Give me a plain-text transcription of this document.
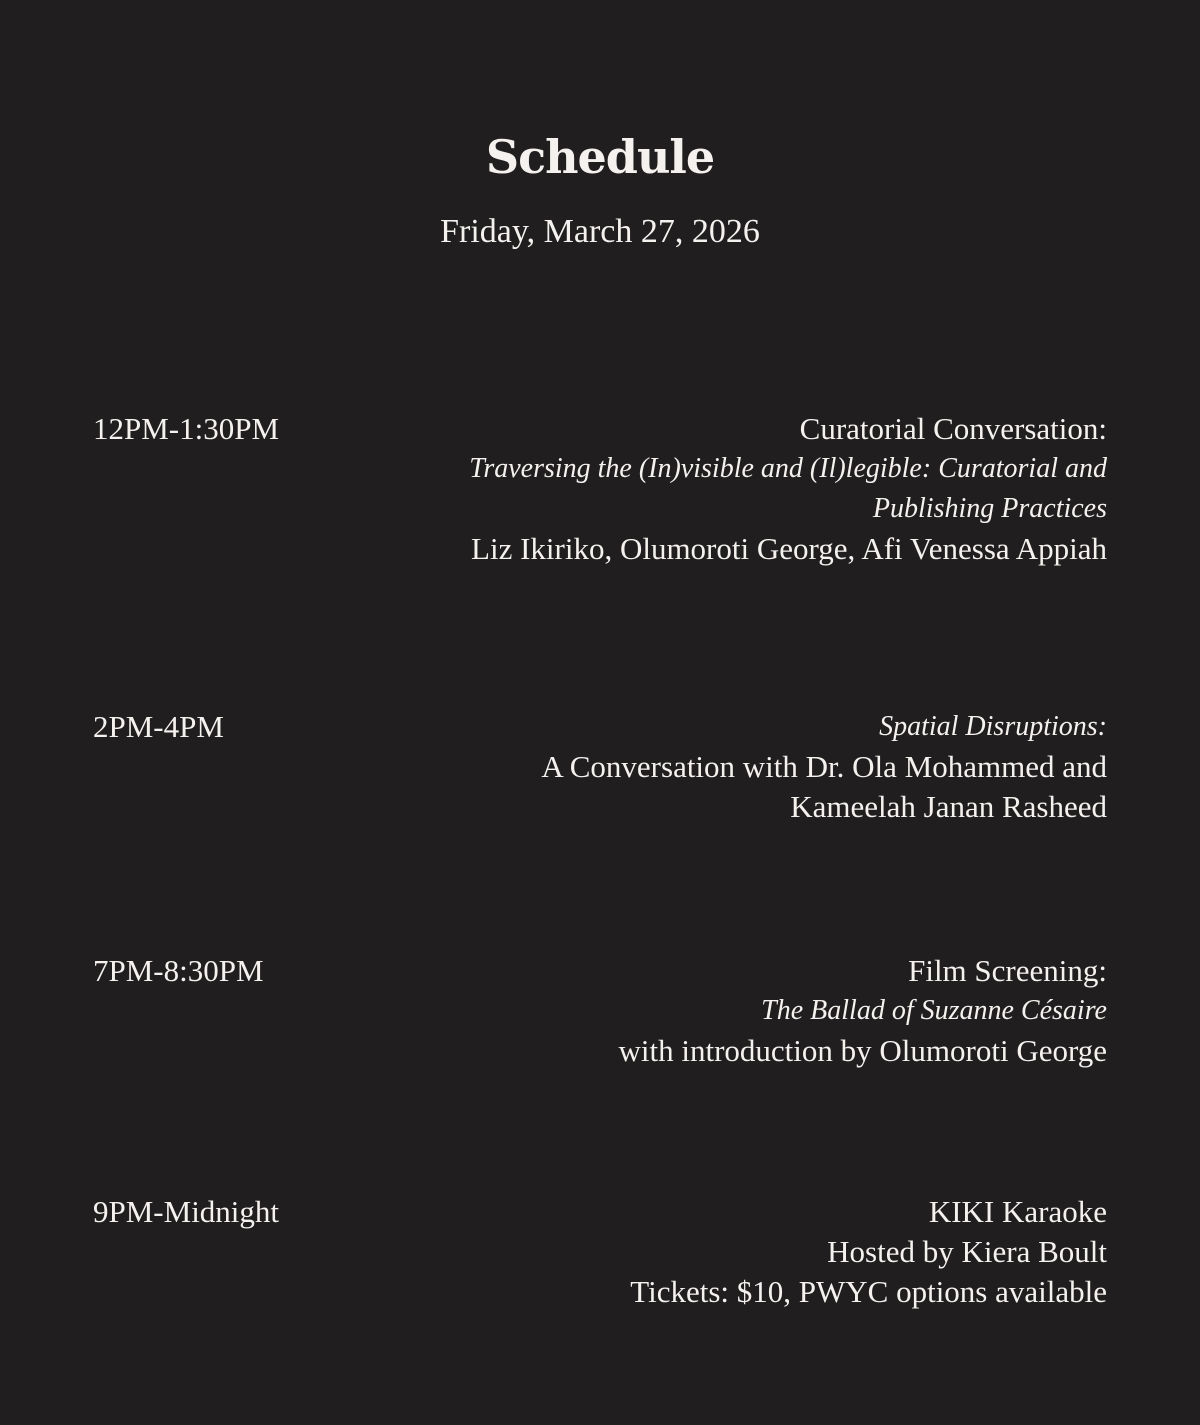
Schedule

Friday, March 27, 2026

12PM-1:30PM	Curatorial Conversation:
Traversing the (In)visible and (Il)legible: Curatorial and
Publishing Practices
Liz Ikiriko, Olumoroti George, Afi Venessa Appiah
2PM-4PM	Spatial Disruptions:
A Conversation with Dr. Ola Mohammed and
Kameelah Janan Rasheed
7PM-8:30PM	Film Screening:
The Ballad of Suzanne Césaire
with introduction by Olumoroti George
9PM-Midnight	KIKI Karaoke
Hosted by Kiera Boult
Tickets: $10, PWYC options available
